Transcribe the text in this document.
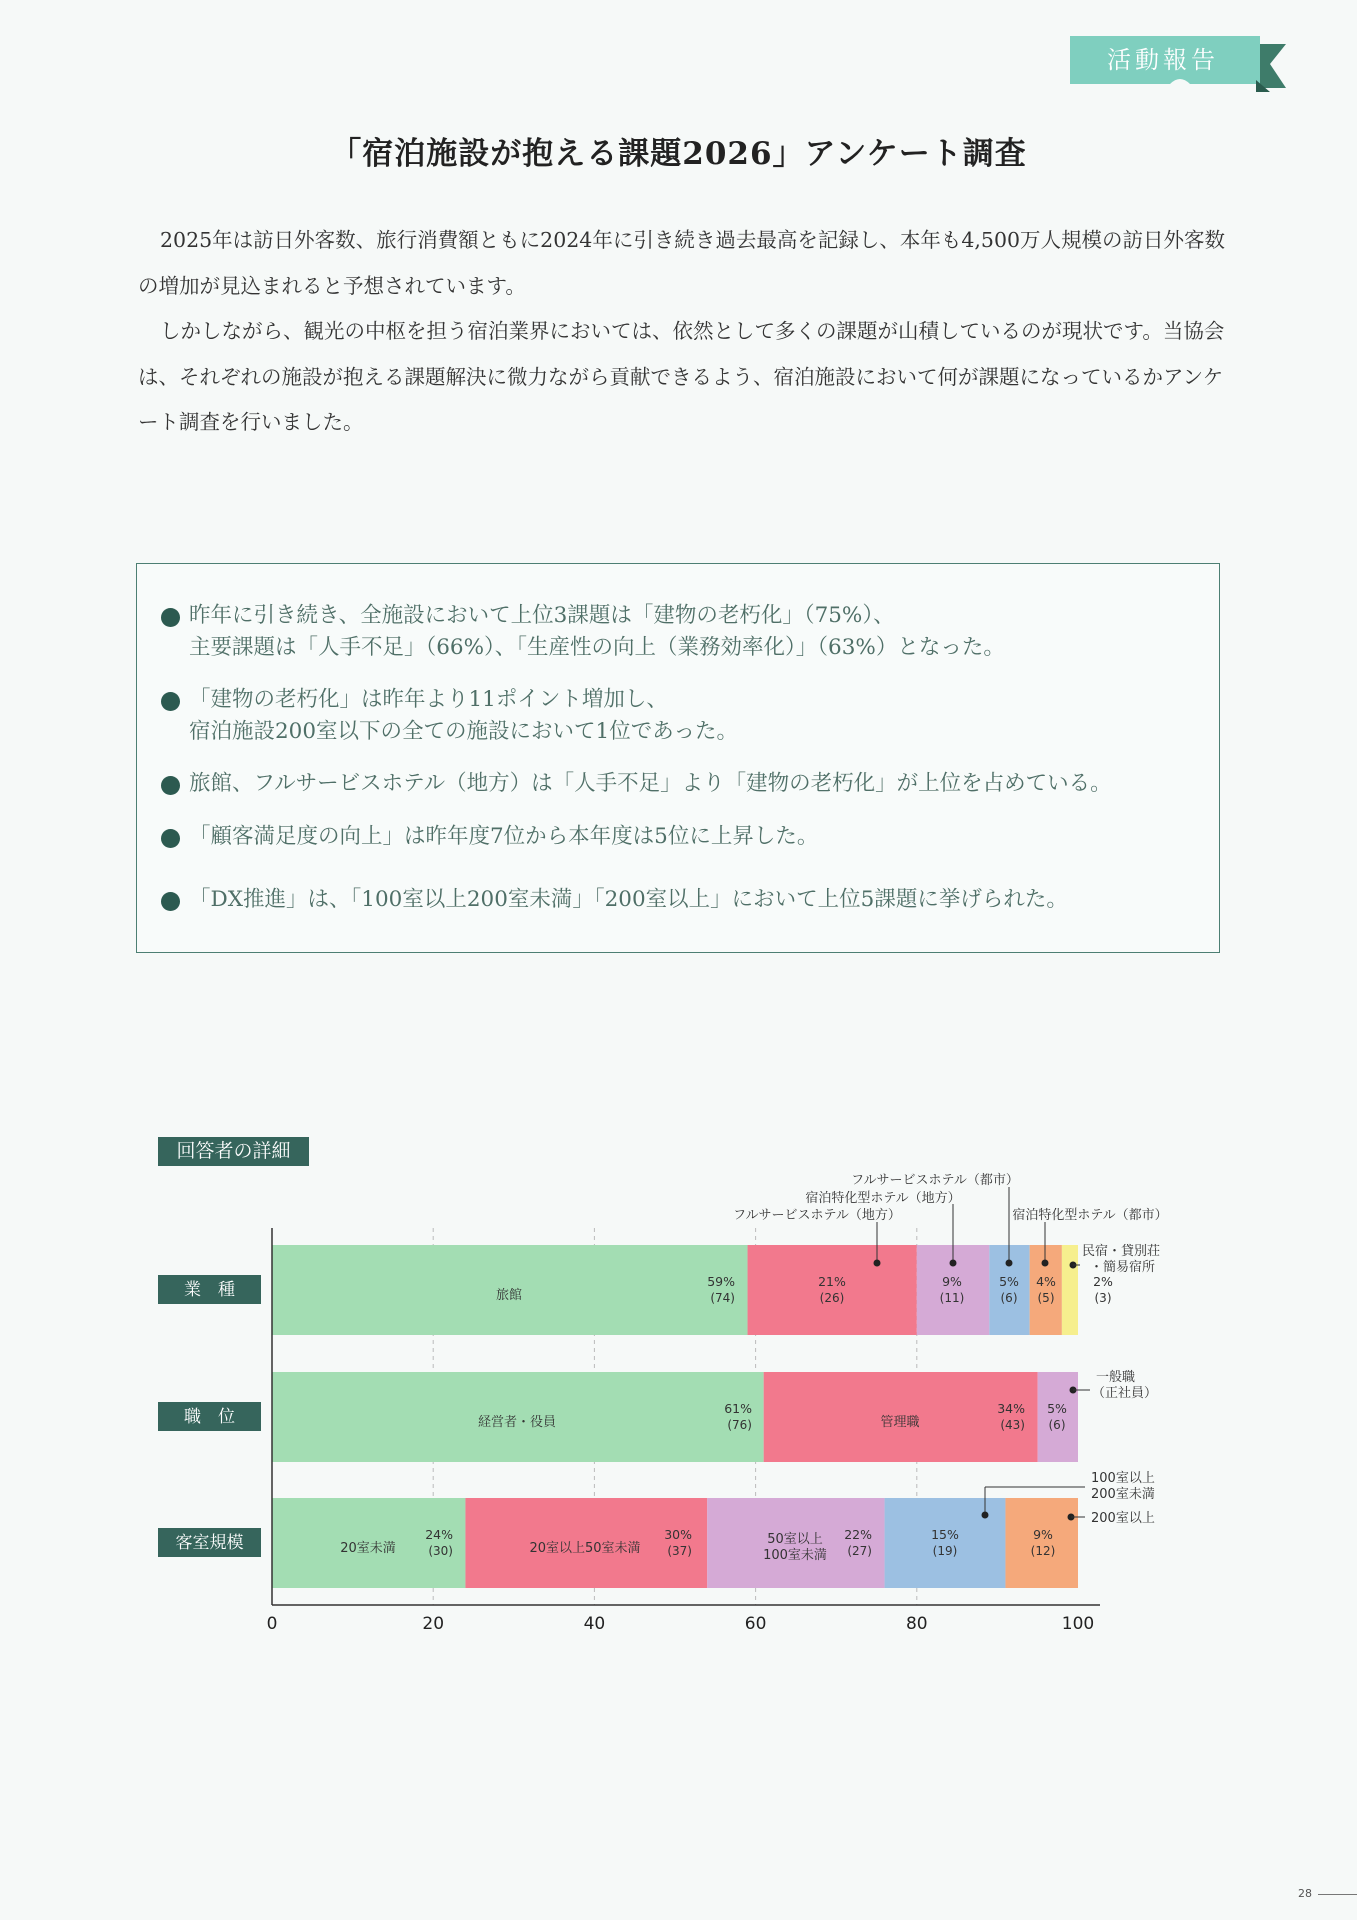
活動報告
「宿泊施設が抱える課題2026」アンケート調査

2025年は訪日外客数、旅行消費額ともに2024年に引き続き過去最高を記録し、本年も4,500万人規模の訪日外客数の増加が見込まれると予想されています。

しかしながら、観光の中枢を担う宿泊業界においては、依然として多くの課題が山積しているのが現状です。当協会は、それぞれの施設が抱える課題解決に微力ながら貢献できるよう、宿泊施設において何が課題になっているかアンケート調査を行いました。

昨年に引き続き、全施設において上位3課題は「建物の老朽化」（75%）、
主要課題は「人手不足」（66%）、「生産性の向上（業務効率化）」（63%）となった。
「建物の老朽化」は昨年より11ポイント増加し、
宿泊施設200室以下の全ての施設において1位であった。
旅館、フルサービスホテル（地方）は「人手不足」より「建物の老朽化」が上位を占めている。
「顧客満足度の向上」は昨年度7位から本年度は5位に上昇した。
「DX推進」は、「100室以上200室未満」「200室以上」において上位5課題に挙げられた。
回答者の詳細
業　種
職　位
客室規模
59%
(74)
21%
(26)
9%
(11)
5%
(6)
4%
(5)
2%
(3)
61%
(76)
34%
(43)
5%
(6)
24%
(30)
30%
(37)
22%
(27)
15%
(19)
9%
(12)
旅館
経営者・役員	管理職
20室未満	20室以上50室未満
50室以上
100室未満
フルサービスホテル（地方）
宿泊特化型ホテル（地方）
フルサービスホテル（都市）
宿泊特化型ホテル（都市）
民宿・貸別荘
・簡易宿所
一般職
（正社員）
100室以上
200室未満
200室以上
0	20	40	60	80	100
28
